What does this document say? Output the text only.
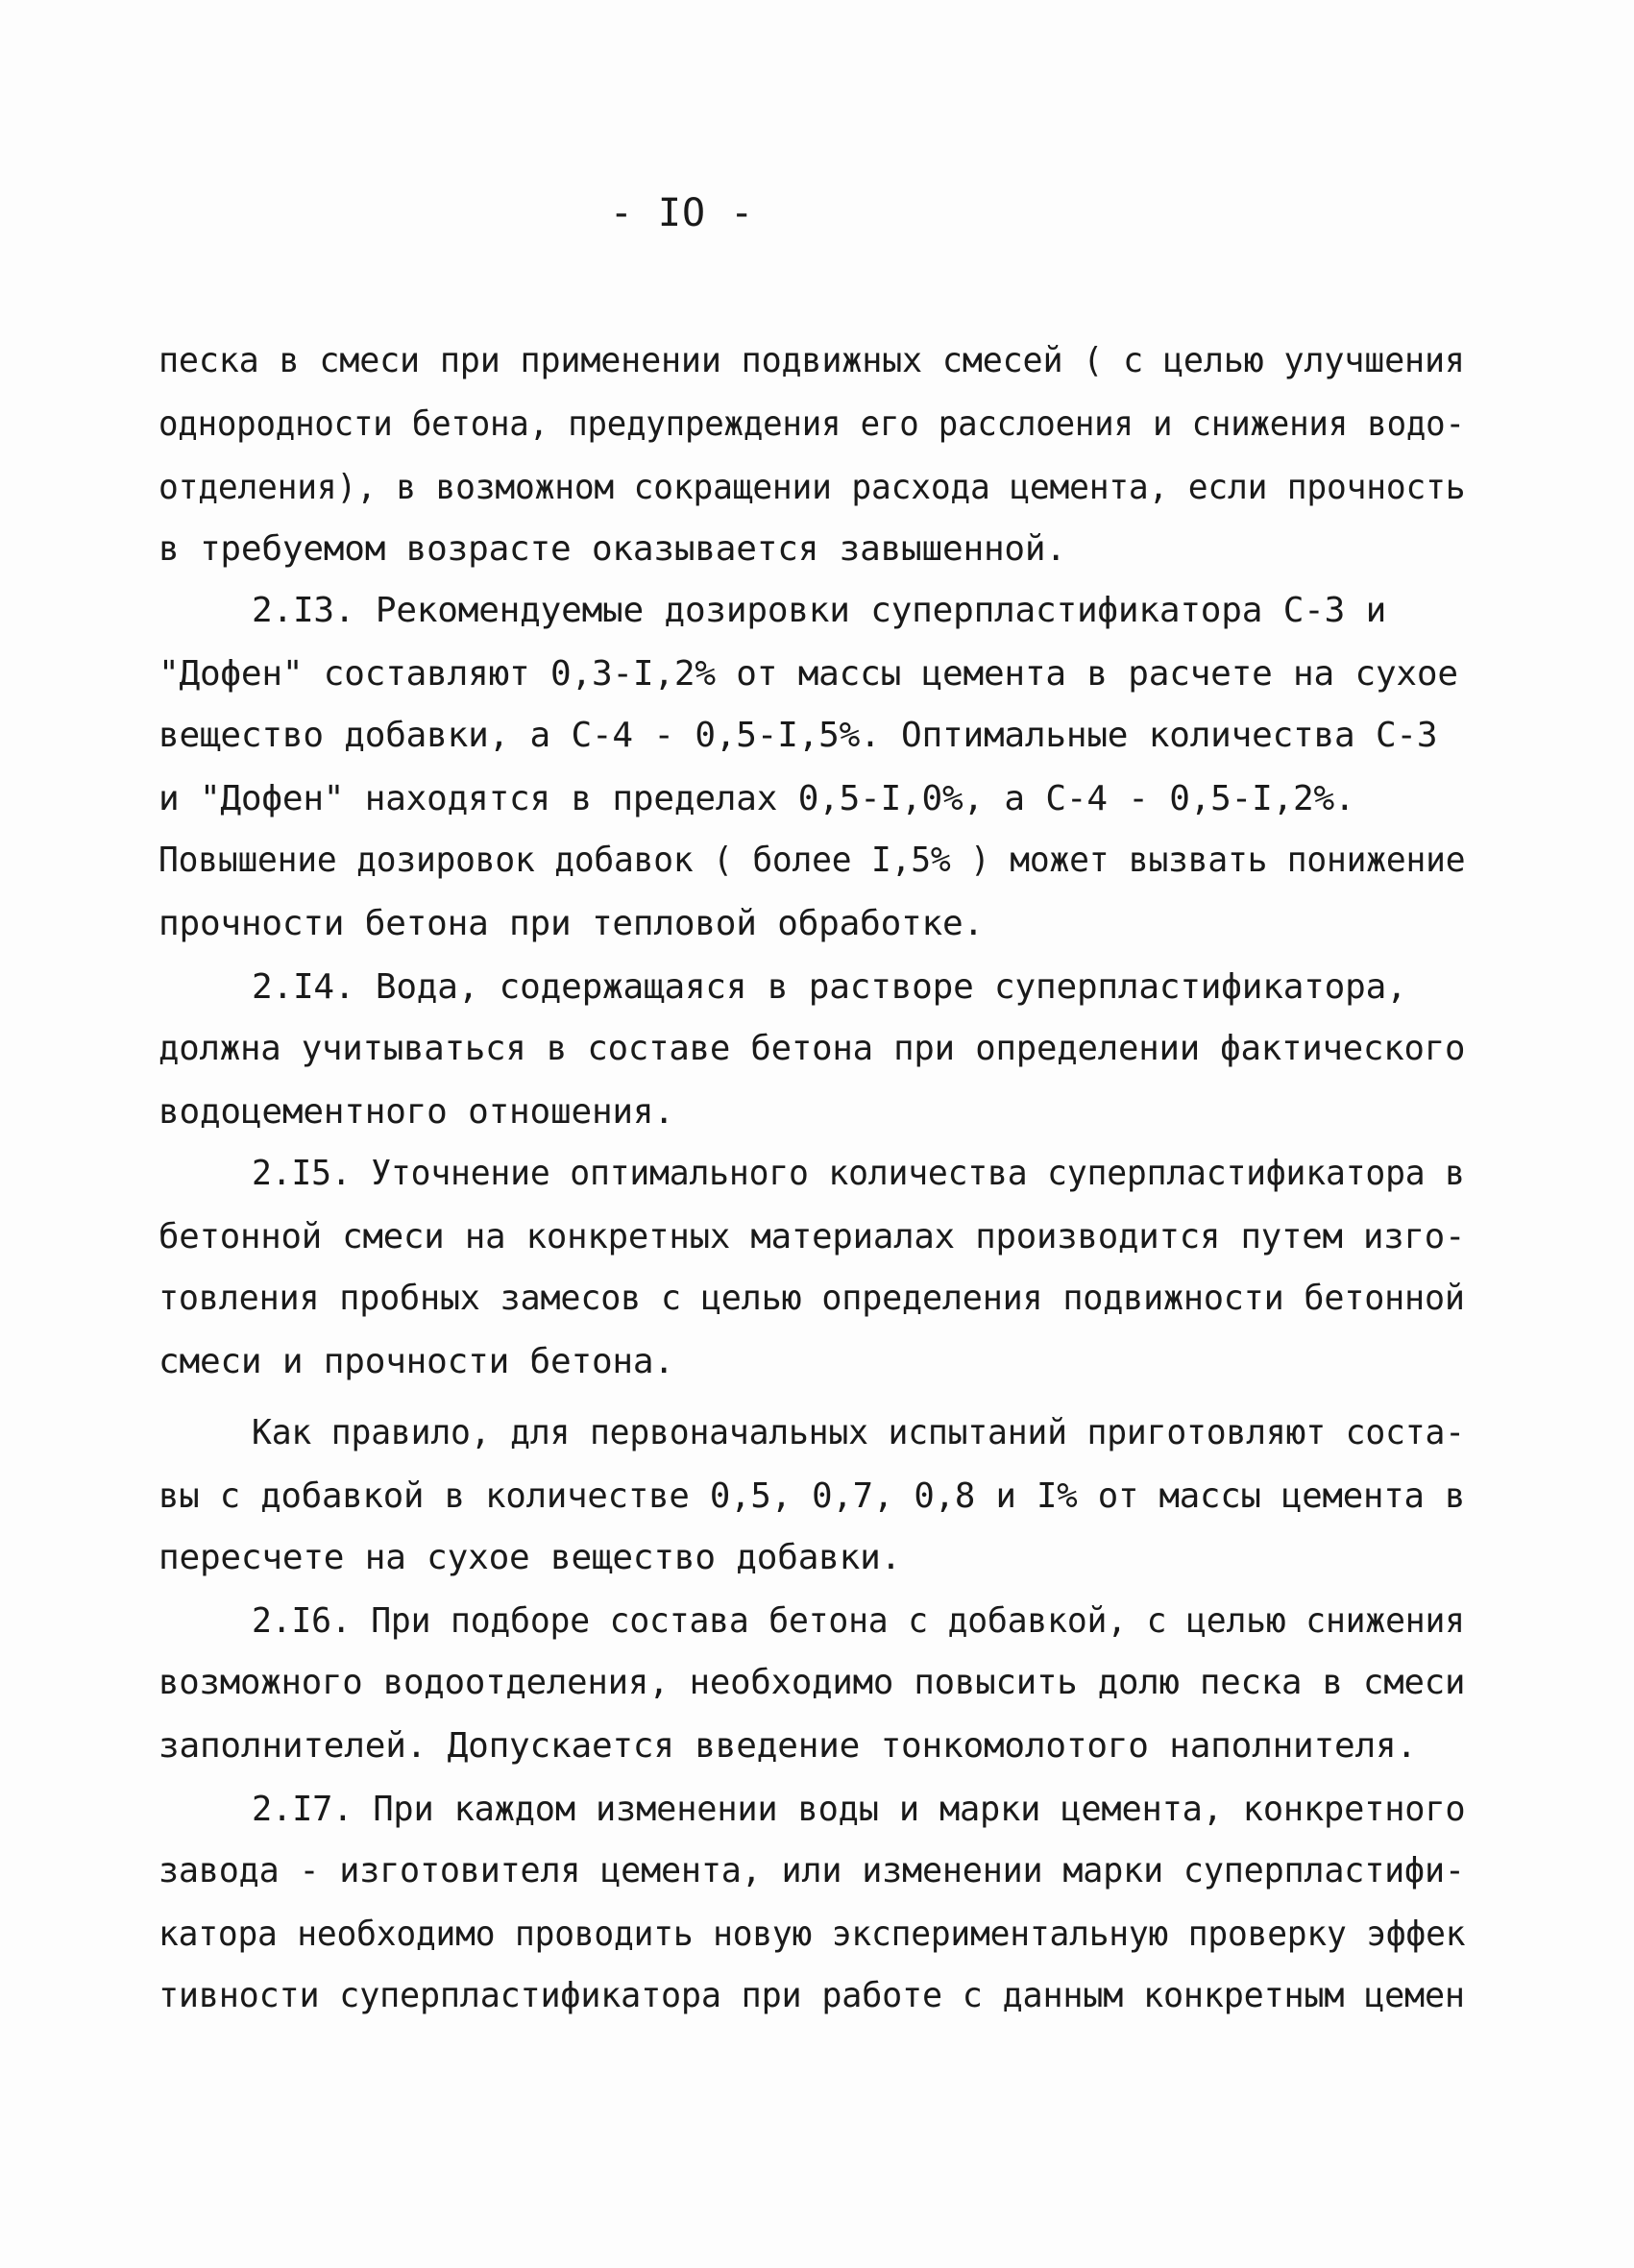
- IO -
песка в смеси при применении подвижных смесей ( с целью улучшения
однородности бетона, предупреждения его расслоения и снижения водо-
отделения), в возможном сокращении расхода цемента, если прочность
в требуемом возрасте оказывается завышенной.
2.I3. Рекомендуемые дозировки суперпластификатора С-3 и
"Дофен" составляют 0,3-I,2% от массы цемента в расчете на сухое
вещество добавки, а С-4 - 0,5-I,5%. Оптимальные количества С-3
и "Дофен" находятся в пределах 0,5-I,0%, а С-4 - 0,5-I,2%.
Повышение дозировок добавок ( более I,5% ) может вызвать понижение
прочности бетона при тепловой обработке.
2.I4. Вода, содержащаяся в растворе суперпластификатора,
должна учитываться в составе бетона при определении фактического
водоцементного отношения.
2.I5. Уточнение оптимального количества суперпластификатора в
бетонной смеси на конкретных материалах производится путем изго-
товления пробных замесов с целью определения подвижности бетонной
смеси и прочности бетона.
Как правило, для первоначальных испытаний приготовляют соста-
вы с добавкой в количестве 0,5, 0,7, 0,8 и I% от массы цемента в
пересчете на сухое вещество добавки.
2.I6. При подборе состава бетона с добавкой, с целью снижения
возможного водоотделения, необходимо повысить долю песка в смеси
заполнителей. Допускается введение тонкомолотого наполнителя.
2.I7. При каждом изменении воды и марки цемента, конкретного
завода - изготовителя цемента, или изменении марки суперпластифи-
катора необходимо проводить новую экспериментальную проверку эффек
тивности суперпластификатора при работе с данным конкретным цемен
